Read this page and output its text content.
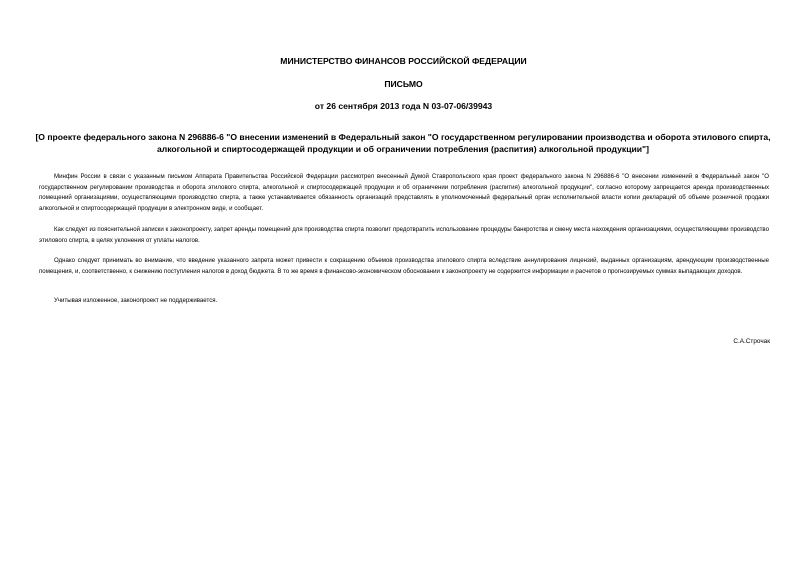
МИНИСТЕРСТВО ФИНАНСОВ РОССИЙСКОЙ ФЕДЕРАЦИИ

ПИСЬМО

от 26 сентября 2013 года N 03-07-06/39943

[О проекте федерального закона N 296886-6 "О внесении изменений в Федеральный закон "О государственном регулировании производства и оборота этилового спирта, алкогольной и спиртосодержащей продукции и об ограничении потребления (распития) алкогольной продукции"]

Минфин России в связи с указанным письмом Аппарата Правительства Российской Федерации рассмотрел внесенный Думой Ставропольского края проект федерального закона N 296886-6 "О внесении изменений в Федеральный закон "О государственном регулировании производства и оборота этилового спирта, алкогольной и спиртосодержащей продукции и об ограничении потребления (распития) алкогольной продукции", согласно которому запрещается аренда производственных помещений организациями, осуществляющими производство спирта, а также устанавливается обязанность организаций представлять в уполномоченный федеральный орган исполнительной власти копии деклараций об объеме розничной продажи алкогольной и спиртосодержащей продукции в электронном виде, и сообщает.

Как следует из пояснительной записки к законопроекту, запрет аренды помещений для производства спирта позволит предотвратить использование процедуры банкротства и смену места нахождения организациями, осуществляющими производство этилового спирта, в целях уклонения от уплаты налогов.

Однако следует принимать во внимание, что введение указанного запрета может привести к сокращению объемов производства этилового спирта вследствие аннулирования лицензий, выданных организациям, арендующим производственные помещения, и, соответственно, к снижению поступления налогов в доход бюджета. В то же время в финансово-экономическом обосновании к законопроекту не содержится информации и расчетов о прогнозируемых суммах выпадающих доходов.

Учитывая изложенное, законопроект не поддерживается.

С.А.Строчак
